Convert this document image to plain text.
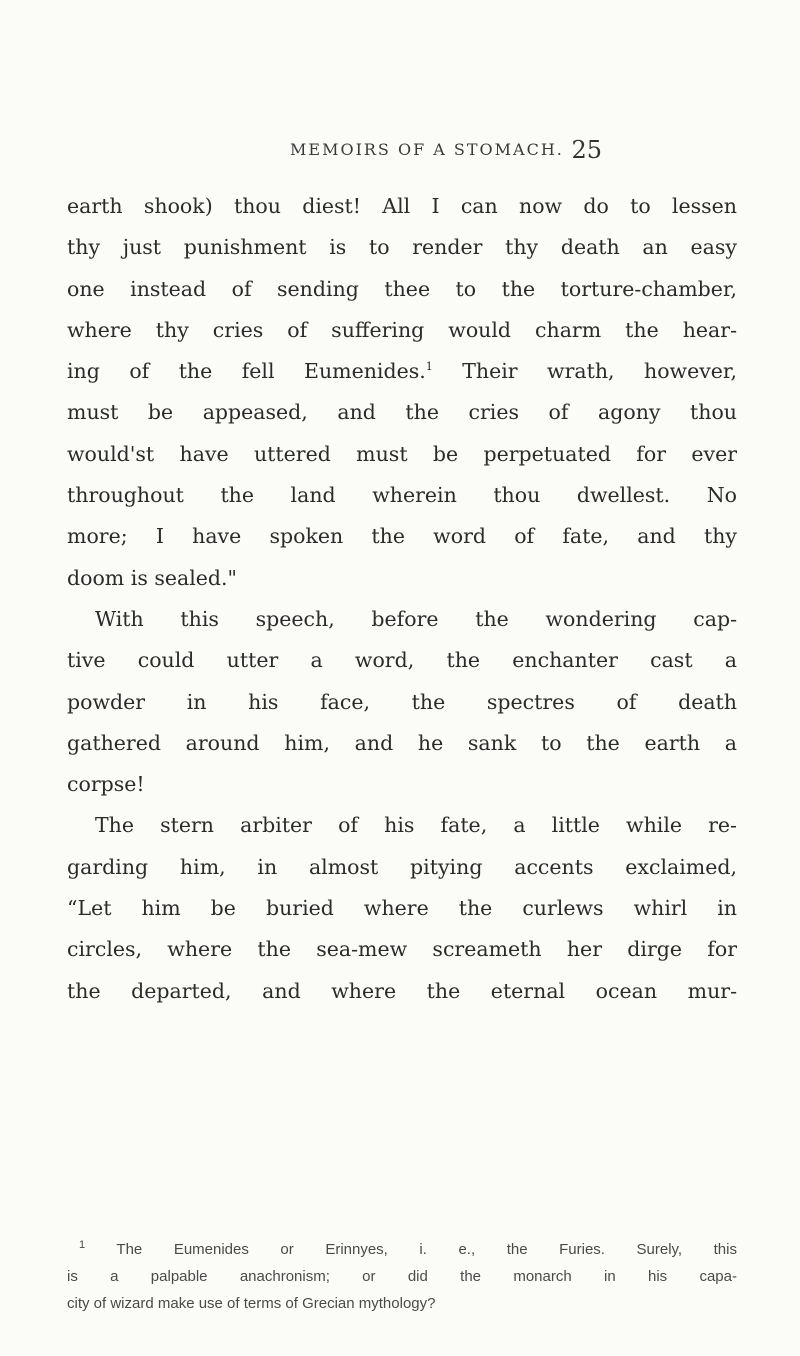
MEMOIRS OF A STOMACH. 25
earth shook) thou diest! All I can now do to lessen
thy just punishment is to render thy death an easy
one instead of sending thee to the torture-chamber,
where thy cries of suffering would charm the hear-
ing of the fell Eumenides.$^1$ Their wrath, however,
must be appeased, and the cries of agony thou
would'st have uttered must be perpetuated for ever
throughout the land wherein thou dwellest. No
more; I have spoken the word of fate, and thy
doom is sealed."
With this speech, before the wondering cap-
tive could utter a word, the enchanter cast a
powder in his face, the spectres of death
gathered around him, and he sank to the earth a
corpse!
The stern arbiter of his fate, a little while re-
garding him, in almost pitying accents exclaimed,
“Let him be buried where the curlews whirl in
circles, where the sea-mew screameth her dirge for
the departed, and where the eternal ocean mur-
$^1$ The Eumenides or Erinnyes, i. e., the Furies. Surely, this
is a palpable anachronism; or did the monarch in his capa-
city of wizard make use of terms of Grecian mythology?
